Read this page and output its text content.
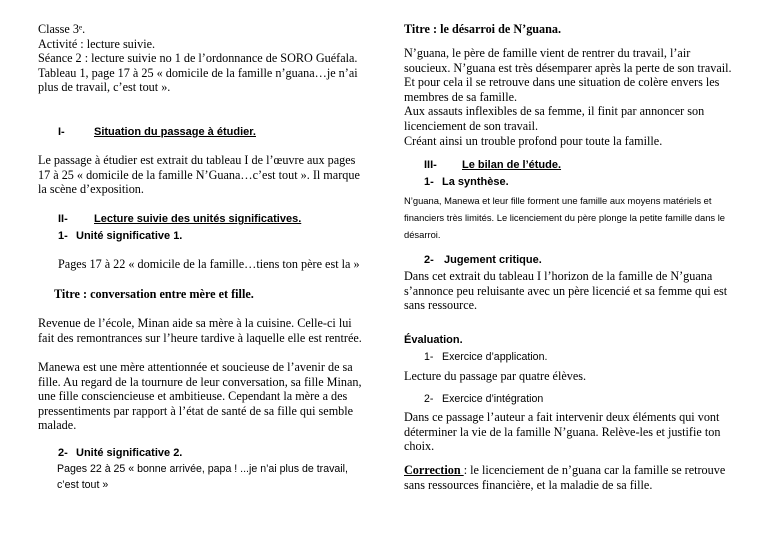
Classe 3ᵉ.

Activité : lecture suivie.

Séance 2 : lecture suivie no 1 de l’ordonnance de SORO Guéfala.

Tableau 1, page 17 à 25 « domicile de la famille n’guana…je n’ai plus de travail, c’est tout ».

I-	Situation du passage à étudier.

Le passage à étudier est extrait du tableau I de l’œuvre aux pages 17 à 25 « domicile de la famille N’Guana…c’est tout ». Il marque la scène d’exposition.

II- Lecture suivie des unités significatives.
1- Unité significative 1.

Pages 17 à 22 « domicile de la famille…tiens ton père est la »

Titre : conversation entre mère et fille.

Revenue de l’école, Minan aide sa mère à la cuisine. Celle-ci lui fait des remontrances sur l’heure tardive à laquelle elle est rentrée.

Manewa est une mère attentionnée et soucieuse de l’avenir de sa fille. Au regard de la tournure de leur conversation, sa fille Minan, une fille consciencieuse et ambitieuse. Cependant la mère a des pressentiments par rapport à l’état de santé de sa fille qui semble malade.

2- Unité significative 2.

Pages 22 à 25 « bonne arrivée, papa ! ...je n’ai plus de travail, c’est tout »

Titre : le désarroi de N’guana.

N’guana, le père de famille vient de rentrer du travail, l’air soucieux. N’guana est très désemparer après la perte de son travail. Et pour cela il se retrouve dans une situation de colère envers les membres de sa famille.

Aux assauts inflexibles de sa femme, il finit par annoncer son licenciement de son travail.

Créant ainsi un trouble profond pour toute la famille.

III- Le bilan de l’étude.
1- La synthèse.

N’guana, Manewa et leur fille forment une famille aux moyens matériels et financiers très limités. Le licenciement du père plonge la petite famille dans le désarroi.

2- Jugement critique.

Dans cet extrait du tableau I l’horizon de la famille de N’guana s’annonce peu reluisante avec un père licencié et sa femme qui est sans ressource.

Évaluation.

1- Exercice d’application.

Lecture du passage par quatre élèves.

2- Exercice d’intégration

Dans ce passage l’auteur a fait intervenir deux éléments qui vont déterminer la vie de la famille N’guana. Relève-les et justifie ton choix.

Correction : le licenciement de n’guana car la famille se retrouve sans ressources financière, et la maladie de sa fille.
